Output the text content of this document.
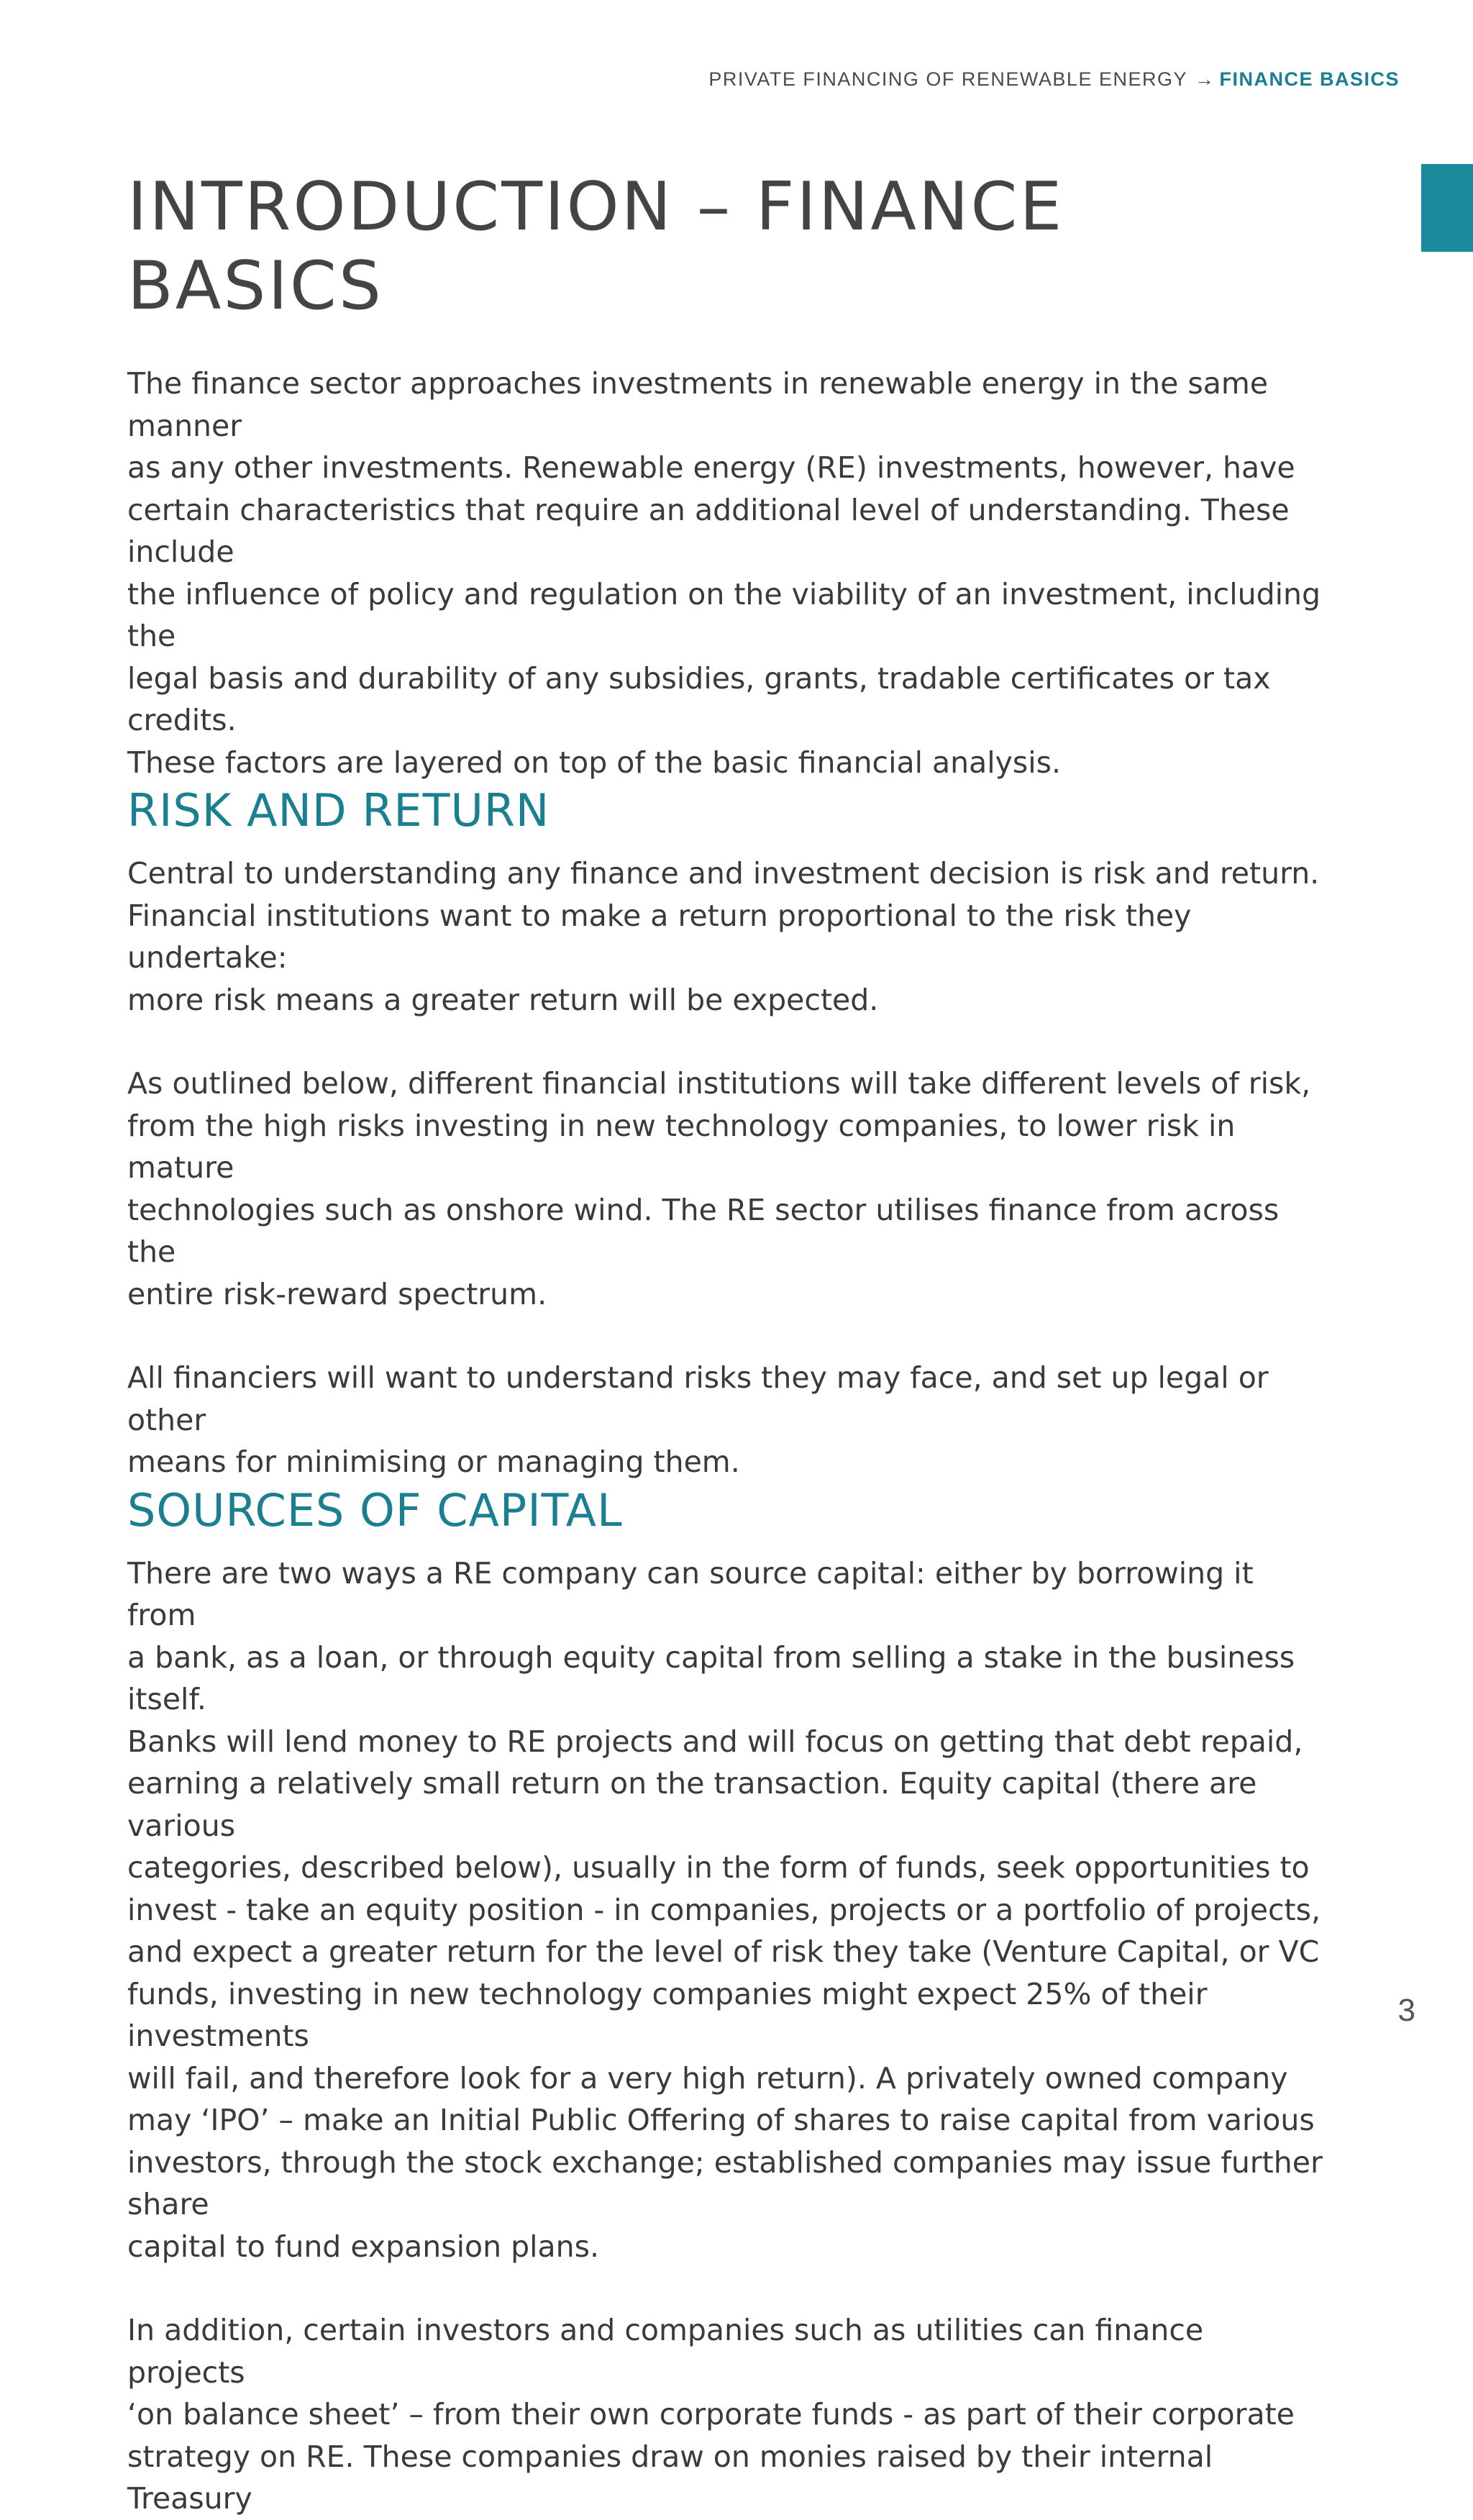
PRIVATE FINANCING OF RENEWABLE ENERGY → FINANCE BASICS
INTRODUCTION – FINANCE BASICS

The finance sector approaches investments in renewable energy in the same manner
as any other investments. Renewable energy (RE) investments, however, have
certain characteristics that require an additional level of understanding. These include
the influence of policy and regulation on the viability of an investment, including the
legal basis and durability of any subsidies, grants, tradable certificates or tax credits.
These factors are layered on top of the basic financial analysis.

RISK AND RETURN

Central to understanding any finance and investment decision is risk and return.
Financial institutions want to make a return proportional to the risk they undertake:
more risk means a greater return will be expected.

As outlined below, different financial institutions will take different levels of risk,
from the high risks investing in new technology companies, to lower risk in mature
technologies such as onshore wind. The RE sector utilises finance from across the
entire risk-reward spectrum.

All financiers will want to understand risks they may face, and set up legal or other
means for minimising or managing them.

SOURCES OF CAPITAL

There are two ways a RE company can source capital: either by borrowing it from
a bank, as a loan, or through equity capital from selling a stake in the business itself.
Banks will lend money to RE projects and will focus on getting that debt repaid,
earning a relatively small return on the transaction. Equity capital (there are various
categories, described below), usually in the form of funds, seek opportunities to
invest - take an equity position - in companies, projects or a portfolio of projects,
and expect a greater return for the level of risk they take (Venture Capital, or VC
funds, investing in new technology companies might expect 25% of their investments
will fail, and therefore look for a very high return). A privately owned company
may ‘IPO’ – make an Initial Public Offering of shares to raise capital from various
investors, through the stock exchange; established companies may issue further share
capital to fund expansion plans.

In addition, certain investors and companies such as utilities can finance projects
‘on balance sheet’ – from their own corporate funds - as part of their corporate
strategy on RE. These companies draw on monies raised by their internal Treasury

3
